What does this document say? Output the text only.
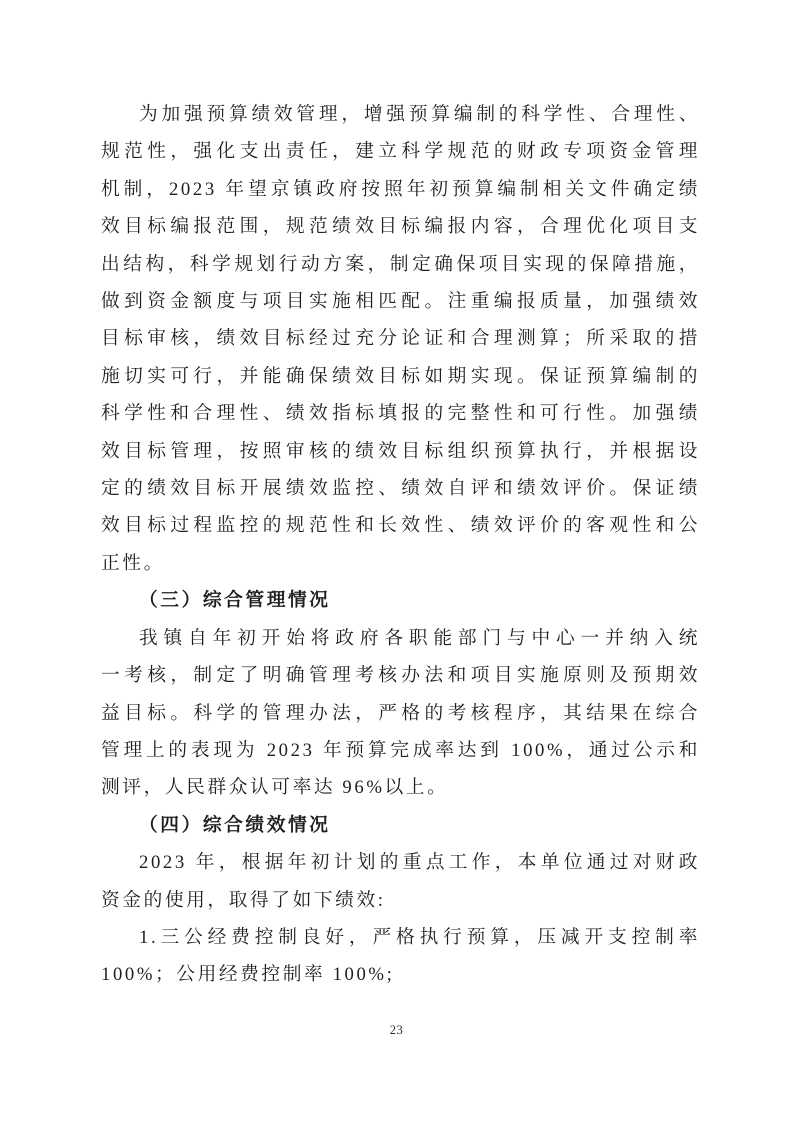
为加强预算绩效管理，增强预算编制的科学性、合理性、
规范性，强化支出责任，建立科学规范的财政专项资金管理
机制，2023 年望京镇政府按照年初预算编制相关文件确定绩
效目标编报范围，规范绩效目标编报内容，合理优化项目支
出结构，科学规划行动方案，制定确保项目实现的保障措施，
做到资金额度与项目实施相匹配。注重编报质量，加强绩效
目标审核，绩效目标经过充分论证和合理测算；所采取的措
施切实可行，并能确保绩效目标如期实现。保证预算编制的
科学性和合理性、绩效指标填报的完整性和可行性。加强绩
效目标管理，按照审核的绩效目标组织预算执行，并根据设
定的绩效目标开展绩效监控、绩效自评和绩效评价。保证绩
效目标过程监控的规范性和长效性、绩效评价的客观性和公
正性。
（三）综合管理情况
我镇自年初开始将政府各职能部门与中心一并纳入统
一考核，制定了明确管理考核办法和项目实施原则及预期效
益目标。科学的管理办法，严格的考核程序，其结果在综合
管理上的表现为 2023 年预算完成率达到 100%，通过公示和
测评，人民群众认可率达 96%以上。
（四）综合绩效情况
2023 年，根据年初计划的重点工作，本单位通过对财政
资金的使用，取得了如下绩效:
1.三公经费控制良好，严格执行预算，压减开支控制率
100%；公用经费控制率 100%;
23
